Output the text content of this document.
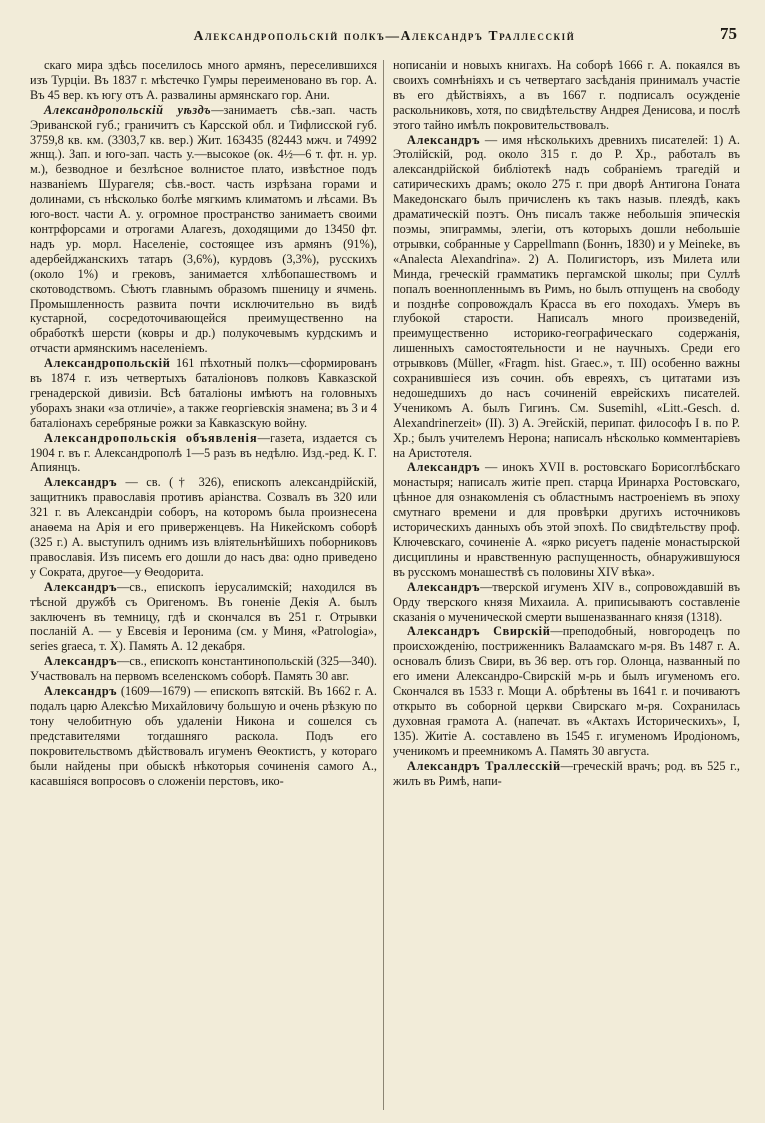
Александропольскій полкъ—Александръ Траллесскій	75

скаго мира здѣсь поселилось много армянъ, переселившихся изъ Турціи. Въ 1837 г. мѣстечко Гумры переименовано въ гор. А. Въ 45 вер. къ югу отъ А. развалины армянскаго гор. Ани.

Александропольскій уѣздъ—занимаетъ сѣв.-зап. часть Эриванской губ.; граничитъ съ Карсской обл. и Тифлисской губ. 3759,8 кв. км. (3303,7 кв. вер.) Жит. 163435 (82443 мжч. и 74992 жнщ.). Зап. и юго-зап. часть у.—высокое (ок. 4½—6 т. фт. н. ур. м.), безводное и безлѣсное волнистое плато, извѣстное подъ названіемъ Шурагеля; сѣв.-вост. часть изрѣзана горами и долинами, съ нѣсколько болѣе мягкимъ климатомъ и лѣсами. Въ юго-вост. части А. у. огромное пространство занимаетъ своими контрфорсами и отрогами Алагезъ, доходящими до 13450 фт. надъ ур. морл. Населеніе, состоящее изъ армянъ (91%), адербейджанскихъ татаръ (3,6%), курдовъ (3,3%), русскихъ (около 1%) и грековъ, занимается хлѣбопашествомъ и скотоводствомъ. Сѣютъ главнымъ образомъ пшеницу и ячмень. Промышленность развита почти исключительно въ видѣ кустарной, сосредоточивающейся преимущественно на обработкѣ шерсти (ковры и др.) полукочевымъ курдскимъ и отчасти армянскимъ населеніемъ.

Александропольскій 161 пѣхотный полкъ—сформированъ въ 1874 г. изъ четвертыхъ баталіоновъ полковъ Кавказской гренадерской дивизіи. Всѣ баталіоны имѣютъ на головныхъ уборахъ знаки «за отличіе», а также георгіевскія знамена; въ 3 и 4 баталіонахъ серебряные рожки за Кавказскую войну.

Александропольскія объявленія—газета, издается съ 1904 г. въ г. Александрополѣ 1—5 разъ въ недѣлю. Изд.-ред. К. Г. Апиянцъ.

Александръ — св. († 326), епископъ александрійскій, защитникъ православія противъ аріанства. Созвалъ въ 320 или 321 г. въ Александріи соборъ, на которомъ была произнесена анаѳема на Арія и его приверженцевъ. На Никейскомъ соборѣ (325 г.) А. выступилъ однимъ изъ вліятельнѣйшихъ поборниковъ православія. Изъ писемъ его дошли до насъ два: одно приведено у Сократа, другое—у Ѳеодорита.

Александръ—св., епископъ іерусалимскій; находился въ тѣсной дружбѣ съ Оригеномъ. Въ гоненіе Декія А. былъ заключенъ въ темницу, гдѣ и скончался въ 251 г. Отрывки посланій А. — у Евсевія и Іеронима (см. у Миня, «Patrologia», series graeca, т. X). Память А. 12 декабря.

Александръ—св., епископъ константинопольскій (325—340). Участвовалъ на первомъ вселенскомъ соборѣ. Память 30 авг.

Александръ (1609—1679) — епископъ вятскій. Въ 1662 г. А. подалъ царю Алексѣю Михайловичу большую и очень рѣзкую по тону челобитную объ удаленіи Никона и сошелся съ представителями тогдашняго раскола. Подъ его покровительствомъ дѣйствовалъ игуменъ Ѳеоктистъ, у котораго были найдены при обыскѣ нѣкоторыя сочиненія самого А., касавшіяся вопросовъ о сложеніи перстовъ, ико-

нописаніи и новыхъ книгахъ. На соборѣ 1666 г. А. покаялся въ своихъ сомнѣніяхъ и съ четвертаго засѣданія принималъ участіе въ его дѣйствіяхъ, а въ 1667 г. подписалъ осужденіе раскольниковъ, хотя, по свидѣтельству Андрея Денисова, и послѣ этого тайно имѣлъ покровительствовалъ.

Александръ — имя нѣсколькихъ древнихъ писателей: 1) А. Этолійскій, род. около 315 г. до Р. Хр., работалъ въ александрійской библіотекѣ надъ собраніемъ трагедій и сатирическихъ драмъ; около 275 г. при дворѣ Антигона Гоната Македонскаго былъ причисленъ къ такъ назыв. плеядѣ, какъ драматическій поэтъ. Онъ писалъ также небольшія эпическія поэмы, эпиграммы, элегіи, отъ которыхъ дошли небольшіе отрывки, собранные у Cappellmann (Боннъ, 1830) и у Meineke, въ «Analecta Alexandrina». 2) А. Полигисторъ, изъ Милета или Минда, греческій грамматикъ пергамской школы; при Суллѣ попалъ военнопленнымъ въ Римъ, но былъ отпущенъ на свободу и позднѣе сопровождалъ Красса въ его походахъ. Умеръ въ глубокой старости. Написалъ много произведеній, преимущественно историко-географическаго содержанія, лишенныхъ самостоятельности и не научныхъ. Среди его отрывковъ (Müller, «Fragm. hist. Graec.», т. III) особенно важны сохранившіеся изъ сочин. объ евреяхъ, съ цитатами изъ недошедшихъ до насъ сочиненій еврейскихъ писателей. Ученикомъ А. былъ Гигинъ. См. Susemihl, «Litt.-Gesch. d. Alexandrinerzeit» (II). 3) А. Эгейскій, перипат. философъ I в. по Р. Хр.; былъ учителемъ Нерона; написалъ нѣсколько комментаріевъ на Аристотеля.

Александръ — инокъ XVII в. ростовскаго Борисоглѣбскаго монастыря; написалъ житіе преп. старца Иринарха Ростовскаго, цѣнное для ознакомленія съ областнымъ настроеніемъ въ эпоху смутнаго времени и для провѣрки другихъ источниковъ историческихъ данныхъ объ этой эпохѣ. По свидѣтельству проф. Ключевскаго, сочиненіе А. «ярко рисуетъ паденіе монастырской дисциплины и нравственную распущенность, обнаружившуюся въ русскомъ монашествѣ съ половины XIV вѣка».

Александръ—тверской игуменъ XIV в., сопровождавшій въ Орду тверского князя Михаила. А. приписываютъ составленіе сказанія о мученической смерти вышеназваннаго князя (1318).

Александръ Свирскій—преподобный, новгородецъ по происхожденію, постриженникъ Валаамскаго м-ря. Въ 1487 г. А. основалъ близъ Свири, въ 36 вер. отъ гор. Олонца, названный по его имени Александро-Свирскій м-рь и былъ игуменомъ его. Скончался въ 1533 г. Мощи А. обрѣтены въ 1641 г. и почиваютъ открыто въ соборной церкви Свирскаго м-ря. Сохранилась духовная грамота А. (напечат. въ «Актахъ Историческихъ», I, 135). Житіе А. составлено въ 1545 г. игуменомъ Иродіономъ, ученикомъ и преемникомъ А. Память 30 августа.

Александръ Траллесскій—греческій врачъ; род. въ 525 г., жилъ въ Римѣ, напи-
